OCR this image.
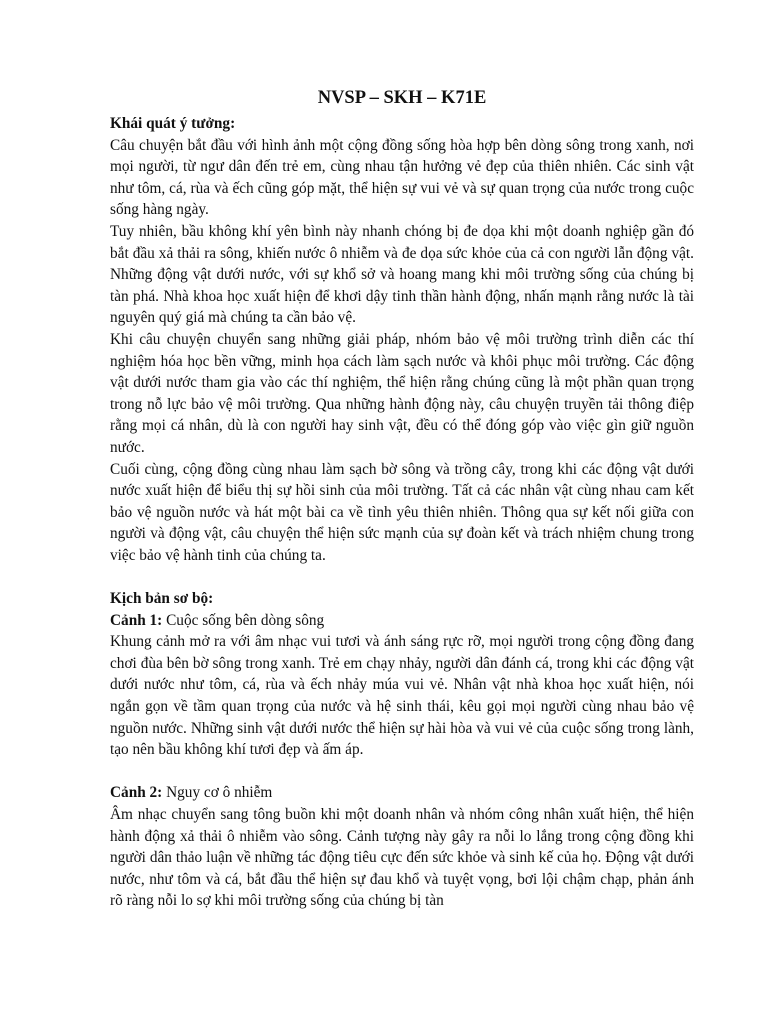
NVSP – SKH – K71E
Khái quát ý tưởng:

Câu chuyện bắt đầu với hình ảnh một cộng đồng sống hòa hợp bên dòng sông trong xanh, nơi mọi người, từ ngư dân đến trẻ em, cùng nhau tận hưởng vẻ đẹp của thiên nhiên. Các sinh vật như tôm, cá, rùa và ếch cũng góp mặt, thể hiện sự vui vẻ và sự quan trọng của nước trong cuộc sống hàng ngày.

Tuy nhiên, bầu không khí yên bình này nhanh chóng bị đe dọa khi một doanh nghiệp gần đó bắt đầu xả thải ra sông, khiến nước ô nhiễm và đe dọa sức khỏe của cả con người lẫn động vật. Những động vật dưới nước, với sự khổ sở và hoang mang khi môi trường sống của chúng bị tàn phá. Nhà khoa học xuất hiện để khơi dậy tinh thần hành động, nhấn mạnh rằng nước là tài nguyên quý giá mà chúng ta cần bảo vệ.

Khi câu chuyện chuyển sang những giải pháp, nhóm bảo vệ môi trường trình diễn các thí nghiệm hóa học bền vững, minh họa cách làm sạch nước và khôi phục môi trường. Các động vật dưới nước tham gia vào các thí nghiệm, thể hiện rằng chúng cũng là một phần quan trọng trong nỗ lực bảo vệ môi trường. Qua những hành động này, câu chuyện truyền tải thông điệp rằng mọi cá nhân, dù là con người hay sinh vật, đều có thể đóng góp vào việc gìn giữ nguồn nước.

Cuối cùng, cộng đồng cùng nhau làm sạch bờ sông và trồng cây, trong khi các động vật dưới nước xuất hiện để biểu thị sự hồi sinh của môi trường. Tất cả các nhân vật cùng nhau cam kết bảo vệ nguồn nước và hát một bài ca về tình yêu thiên nhiên. Thông qua sự kết nối giữa con người và động vật, câu chuyện thể hiện sức mạnh của sự đoàn kết và trách nhiệm chung trong việc bảo vệ hành tinh của chúng ta.

Kịch bản sơ bộ:
Cảnh 1: Cuộc sống bên dòng sông

Khung cảnh mở ra với âm nhạc vui tươi và ánh sáng rực rỡ, mọi người trong cộng đồng đang chơi đùa bên bờ sông trong xanh. Trẻ em chạy nhảy, người dân đánh cá, trong khi các động vật dưới nước như tôm, cá, rùa và ếch nhảy múa vui vẻ. Nhân vật nhà khoa học xuất hiện, nói ngắn gọn về tầm quan trọng của nước và hệ sinh thái, kêu gọi mọi người cùng nhau bảo vệ nguồn nước. Những sinh vật dưới nước thể hiện sự hài hòa và vui vẻ của cuộc sống trong lành, tạo nên bầu không khí tươi đẹp và ấm áp.

Cảnh 2: Nguy cơ ô nhiễm

Âm nhạc chuyển sang tông buồn khi một doanh nhân và nhóm công nhân xuất hiện, thể hiện hành động xả thải ô nhiễm vào sông. Cảnh tượng này gây ra nỗi lo lắng trong cộng đồng khi người dân thảo luận về những tác động tiêu cực đến sức khỏe và sinh kế của họ. Động vật dưới nước, như tôm và cá, bắt đầu thể hiện sự đau khổ và tuyệt vọng, bơi lội chậm chạp, phản ánh rõ ràng nỗi lo sợ khi môi trường sống của chúng bị tàn
